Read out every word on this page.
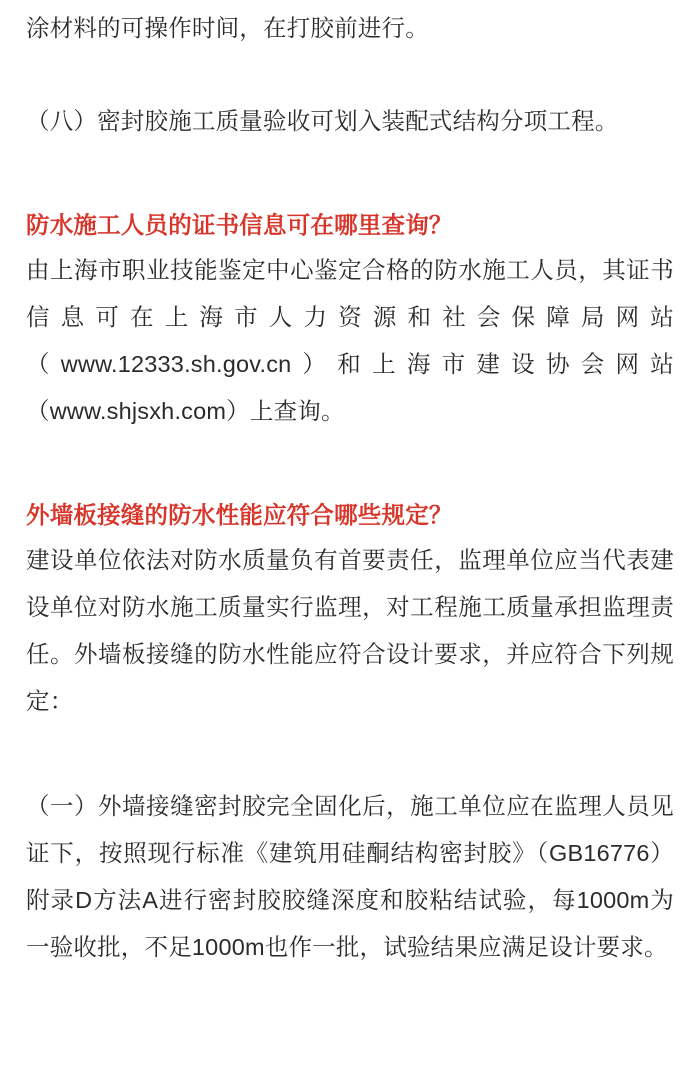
涂材料的可操作时间，在打胶前进行。

（八）密封胶施工质量验收可划入装配式结构分项工程。

防水施工人员的证书信息可在哪里查询？

由上海市职业技能鉴定中心鉴定合格的防水施工人员，其证书信息可在上海市人力资源和社会保障局网站（www.12333.sh.gov.cn）和上海市建设协会网站（www.shjsxh.com）上查询。

外墙板接缝的防水性能应符合哪些规定？

建设单位依法对防水质量负有首要责任，监理单位应当代表建设单位对防水施工质量实行监理，对工程施工质量承担监理责任。外墙板接缝的防水性能应符合设计要求，并应符合下列规定：

（一）外墙接缝密封胶完全固化后，施工单位应在监理人员见证下，按照现行标准《建筑用硅酮结构密封胶》（GB16776）附录D方法A进行密封胶胶缝深度和胶粘结试验，每1000m为一验收批，不足1000m也作一批，试验结果应满足设计要求。
